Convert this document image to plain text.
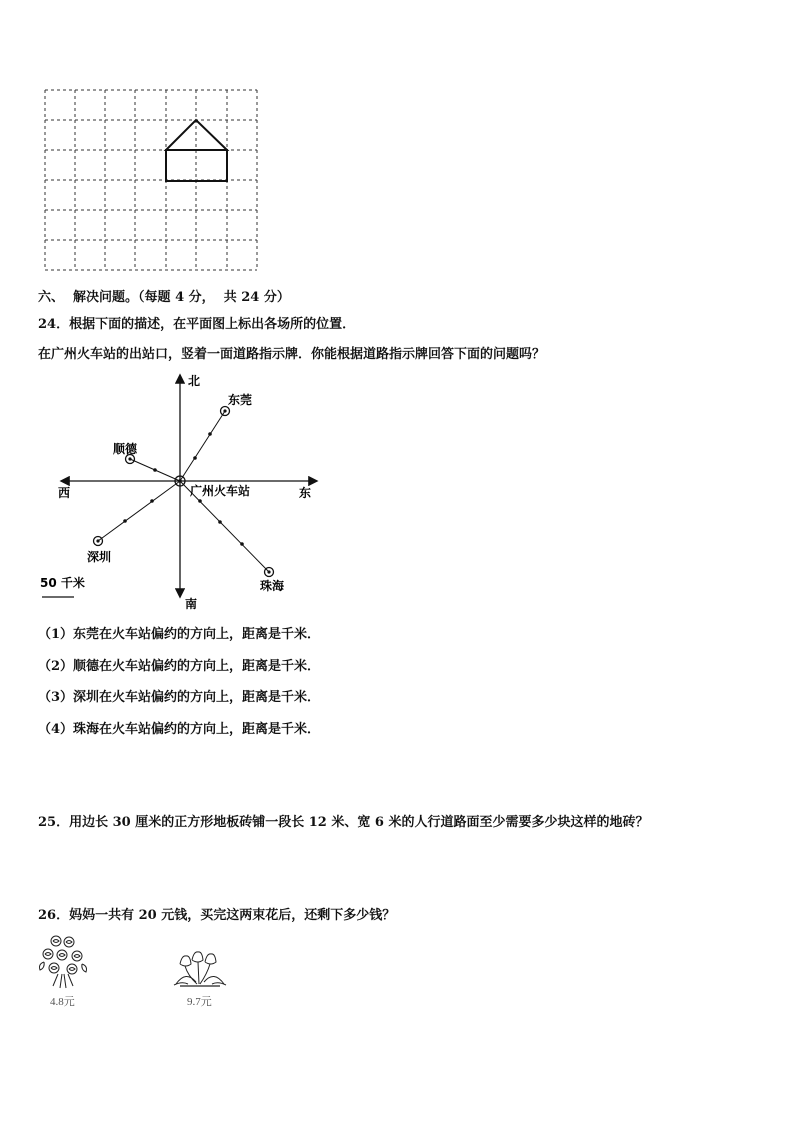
六、  解决问题。（每题 4 分，  共 24 分）
24．根据下面的描述，在平面图上标出各场所的位置．
在广州火车站的出站口，竖着一面道路指示牌．你能根据道路指示牌回答下面的问题吗？
北
南
东
西	广州火车站
东莞
顺德
深圳
珠海
50 千米
（1）东莞在火车站偏约的方向上，距离是千米．
（2）顺德在火车站偏约的方向上，距离是千米．
（3）深圳在火车站偏约的方向上，距离是千米．
（4）珠海在火车站偏约的方向上，距离是千米．
25．用边长 30 厘米的正方形地板砖铺一段长 12 米、宽 6 米的人行道路面至少需要多少块这样的地砖？
26．妈妈一共有 20 元钱，买完这两束花后，还剩下多少钱？
4.8元	9.7元
